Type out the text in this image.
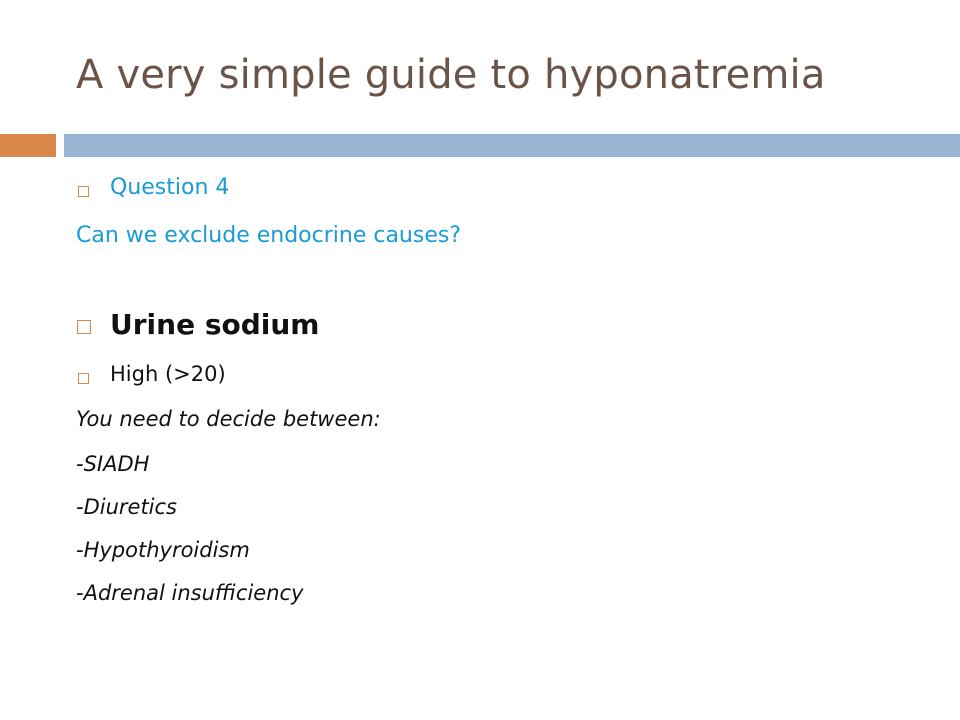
A very simple guide to hyponatremia
Question 4
Can we exclude endocrine causes?
Urine sodium
High (>20)
You need to decide between:
-SIADH
-Diuretics
-Hypothyroidism
-Adrenal insufficiency
